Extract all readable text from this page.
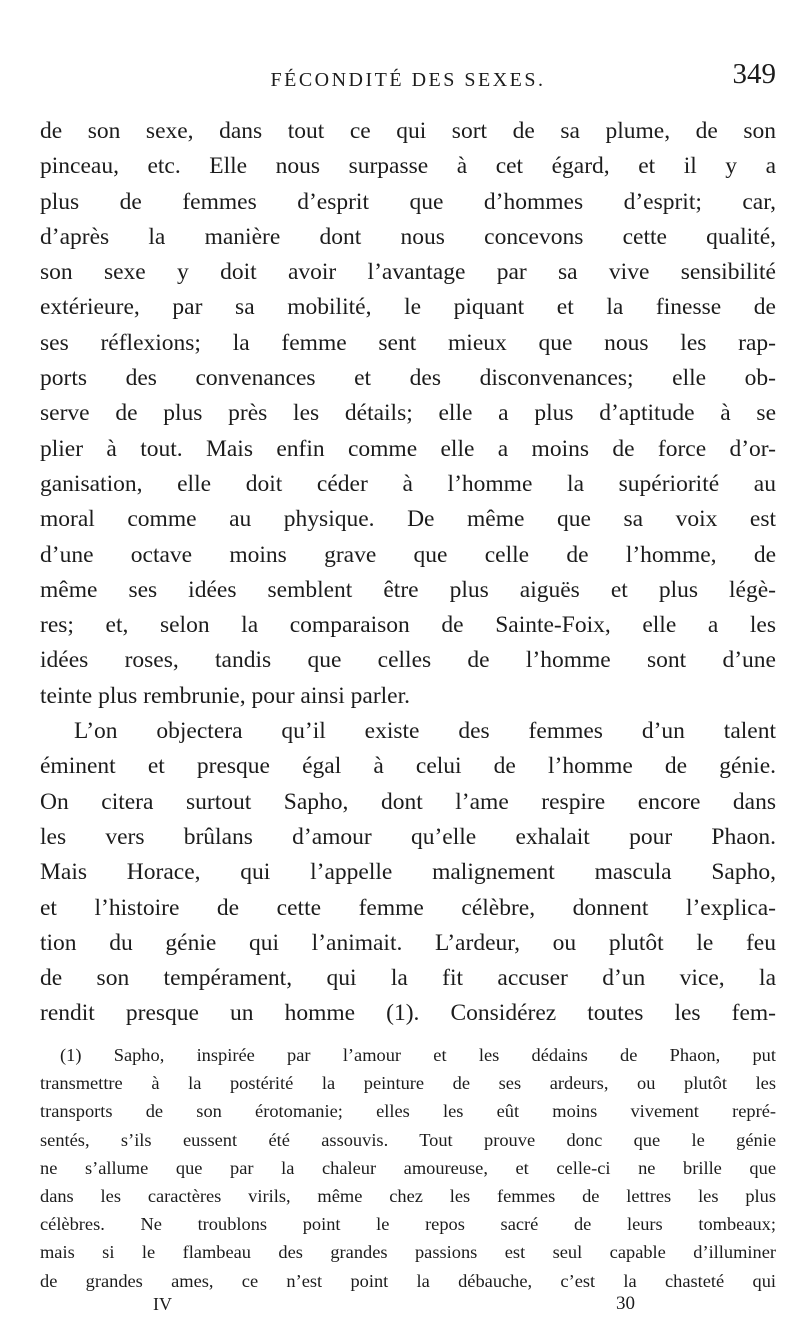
FÉCONDITÉ DES SEXES.	349
de son sexe, dans tout ce qui sort de sa plume, de son
pinceau, etc. Elle nous surpasse à cet égard, et il y a
plus de femmes d’esprit que d’hommes d’esprit; car,
d’après la manière dont nous concevons cette qualité,
son sexe y doit avoir l’avantage par sa vive sensibilité
extérieure, par sa mobilité, le piquant et la finesse de
ses réflexions; la femme sent mieux que nous les rap-
ports des convenances et des disconvenances; elle ob-
serve de plus près les détails; elle a plus d’aptitude à se
plier à tout. Mais enfin comme elle a moins de force d’or-
ganisation, elle doit céder à l’homme la supériorité au
moral comme au physique. De même que sa voix est
d’une octave moins grave que celle de l’homme, de
même ses idées semblent être plus aiguës et plus légè-
res; et, selon la comparaison de Sainte-Foix, elle a les
idées roses, tandis que celles de l’homme sont d’une
teinte plus rembrunie, pour ainsi parler.
L’on objectera qu’il existe des femmes d’un talent
éminent et presque égal à celui de l’homme de génie.
On citera surtout Sapho, dont l’ame respire encore dans
les vers brûlans d’amour qu’elle exhalait pour Phaon.
Mais Horace, qui l’appelle malignement mascula Sapho,
et l’histoire de cette femme célèbre, donnent l’explica-
tion du génie qui l’animait. L’ardeur, ou plutôt le feu
de son tempérament, qui la fit accuser d’un vice, la
rendit presque un homme (1). Considérez toutes les fem-
(1) Sapho, inspirée par l’amour et les dédains de Phaon, put
transmettre à la postérité la peinture de ses ardeurs, ou plutôt les
transports de son érotomanie; elles les eût moins vivement repré-
sentés, s’ils eussent été assouvis. Tout prouve donc que le génie
ne s’allume que par la chaleur amoureuse, et celle-ci ne brille que
dans les caractères virils, même chez les femmes de lettres les plus
célèbres. Ne troublons point le repos sacré de leurs tombeaux;
mais si le flambeau des grandes passions est seul capable d’illuminer
de grandes ames, ce n’est point la débauche, c’est la chasteté qui
IV	30
